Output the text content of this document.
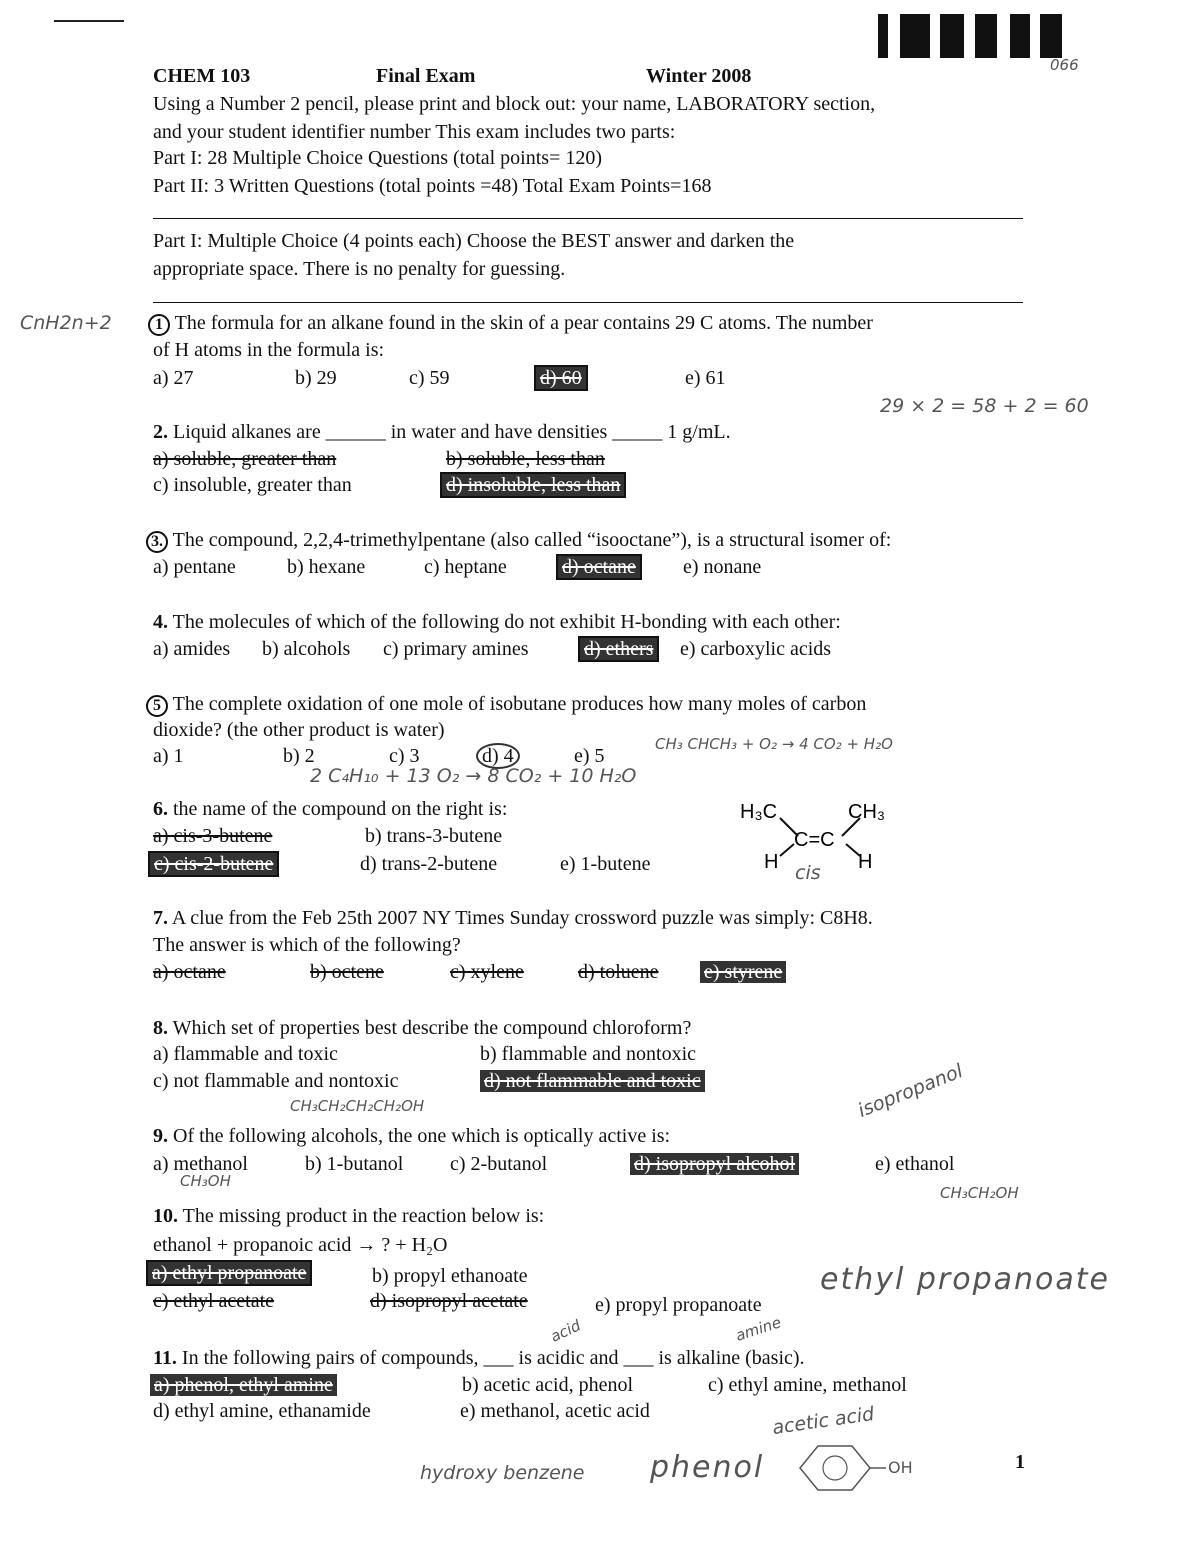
066
CHEM 103	Final Exam	Winter 2008
Using a Number 2 pencil, please print and block out: your name, LABORATORY section,
and your student identifier number This exam includes two parts:
Part I: 28 Multiple Choice Questions (total points= 120)
Part II: 3 Written Questions (total points =48) Total Exam Points=168
Part I: Multiple Choice (4 points each) Choose the BEST answer and darken the
appropriate space. There is no penalty for guessing.
1 The formula for an alkane found in the skin of a pear contains 29 C atoms. The number
of H atoms in the formula is:
a) 27	b) 29	c) 59	d) 60	e) 61
CnH2n+2
29 × 2 = 58 + 2 = 60
2. Liquid alkanes are ______ in water and have densities _____ 1 g/mL.
a) soluble, greater than	b) soluble, less than
c) insoluble, greater than	d) insoluble, less than
3. The compound, 2,2,4-trimethylpentane (also called “isooctane”), is a structural isomer of:
a) pentane	b) hexane	c) heptane	d) octane	e) nonane
4. The molecules of which of the following do not exhibit H-bonding with each other:
a) amides b) alcohols c) primary amines	d) ethers	e) carboxylic acids
5 The complete oxidation of one mole of isobutane produces how many moles of carbon
dioxide? (the other product is water)
a) 1	b) 2	c) 3	d) 4	e) 5
CH₃ CHCH₃ + O₂ → 4 CO₂ + H₂O
2 C₄H₁₀ + 13 O₂ → 8 CO₂ + 10 H₂O
6. the name of the compound on the right is:
a) cis-3-butene	b) trans-3-butene
c) cis-2-butene	d) trans-2-butene	e) 1-butene
H₃C	CH₃
C=C
H	H
cis
7. A clue from the Feb 25th 2007 NY Times Sunday crossword puzzle was simply: C8H8.
The answer is which of the following?
a) octane	b) octene	c) xylene	d) toluene e) styrene
8. Which set of properties best describe the compound chloroform?
a) flammable and toxic	b) flammable and nontoxic
c) not flammable and nontoxic	d) not flammable and toxic
CH₃CH₂CH₂CH₂OH
9. Of the following alcohols, the one which is optically active is:
a) methanol	b) 1-butanol c) 2-butanol	d) isopropyl alcohol	e) ethanol
CH₃OH
CH₃CH₂OH
isopropanol
10. The missing product in the reaction below is:
ethanol + propanoic acid → ? + H₂O
a) ethyl propanoate	b) propyl ethanoate
c) ethyl acetate	d) isopropyl acetate	e) propyl propanoate
ethyl propanoate
acid	amine
11. In the following pairs of compounds, ___ is acidic and ___ is alkaline (basic).
a) phenol, ethyl amine	b) acetic acid, phenol	c) ethyl amine, methanol
d) ethyl amine, ethanamide	e) methanol, acetic acid	acetic acid
hydroxy benzene phenol	OH	1
